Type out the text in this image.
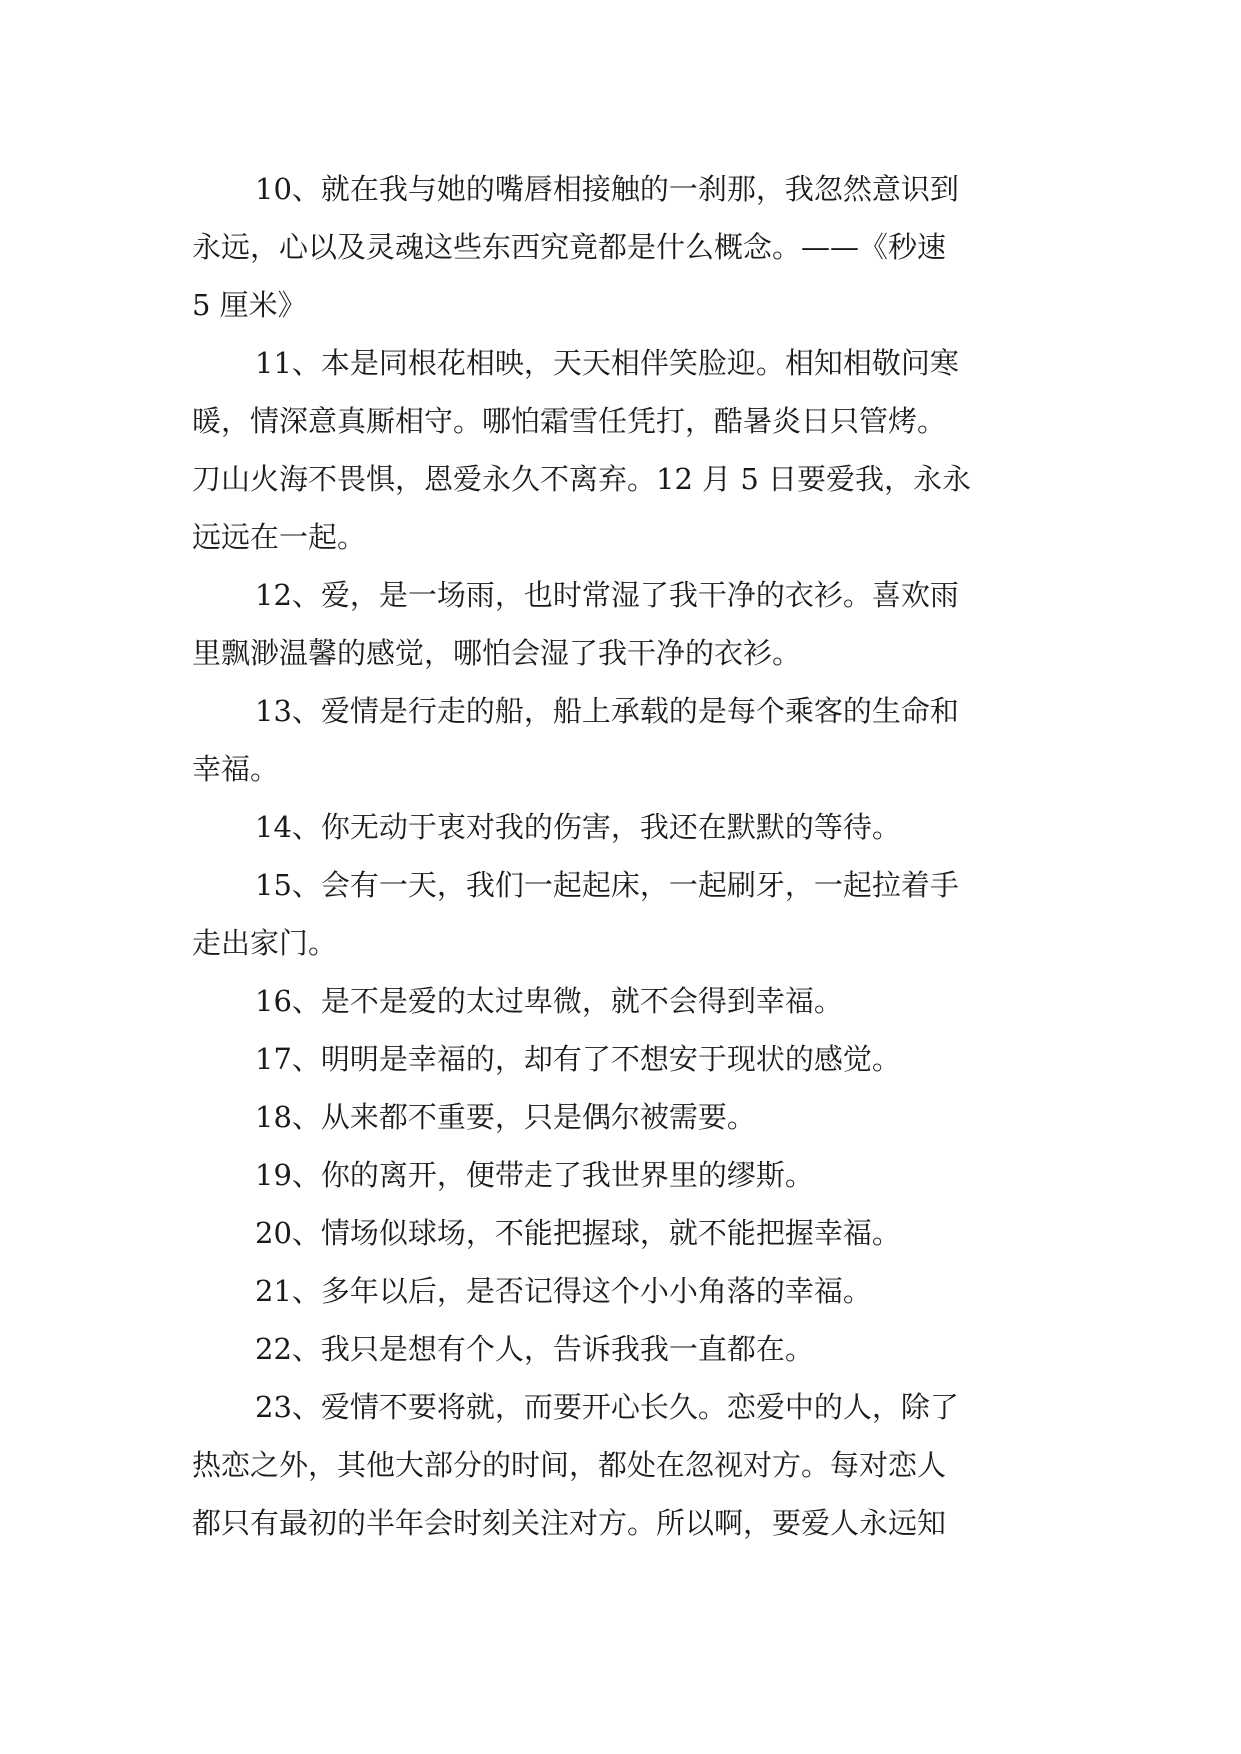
10、就在我与她的嘴唇相接触的一刹那，我忽然意识到
永远，心以及灵魂这些东西究竟都是什么概念。——《秒速
5 厘米》
11、本是同根花相映，天天相伴笑脸迎。相知相敬问寒
暖，情深意真厮相守。哪怕霜雪任凭打，酷暑炎日只管烤。
刀山火海不畏惧，恩爱永久不离弃。12 月 5 日要爱我，永永
远远在一起。
12、爱，是一场雨，也时常湿了我干净的衣衫。喜欢雨
里飘渺温馨的感觉，哪怕会湿了我干净的衣衫。
13、爱情是行走的船，船上承载的是每个乘客的生命和
幸福。
14、你无动于衷对我的伤害，我还在默默的等待。
15、会有一天，我们一起起床，一起刷牙，一起拉着手
走出家门。
16、是不是爱的太过卑微，就不会得到幸福。
17、明明是幸福的，却有了不想安于现状的感觉。
18、从来都不重要，只是偶尔被需要。
19、你的离开，便带走了我世界里的缪斯。
20、情场似球场，不能把握球，就不能把握幸福。
21、多年以后，是否记得这个小小角落的幸福。
22、我只是想有个人，告诉我我一直都在。
23、爱情不要将就，而要开心长久。恋爱中的人，除了
热恋之外，其他大部分的时间，都处在忽视对方。每对恋人
都只有最初的半年会时刻关注对方。所以啊，要爱人永远知
